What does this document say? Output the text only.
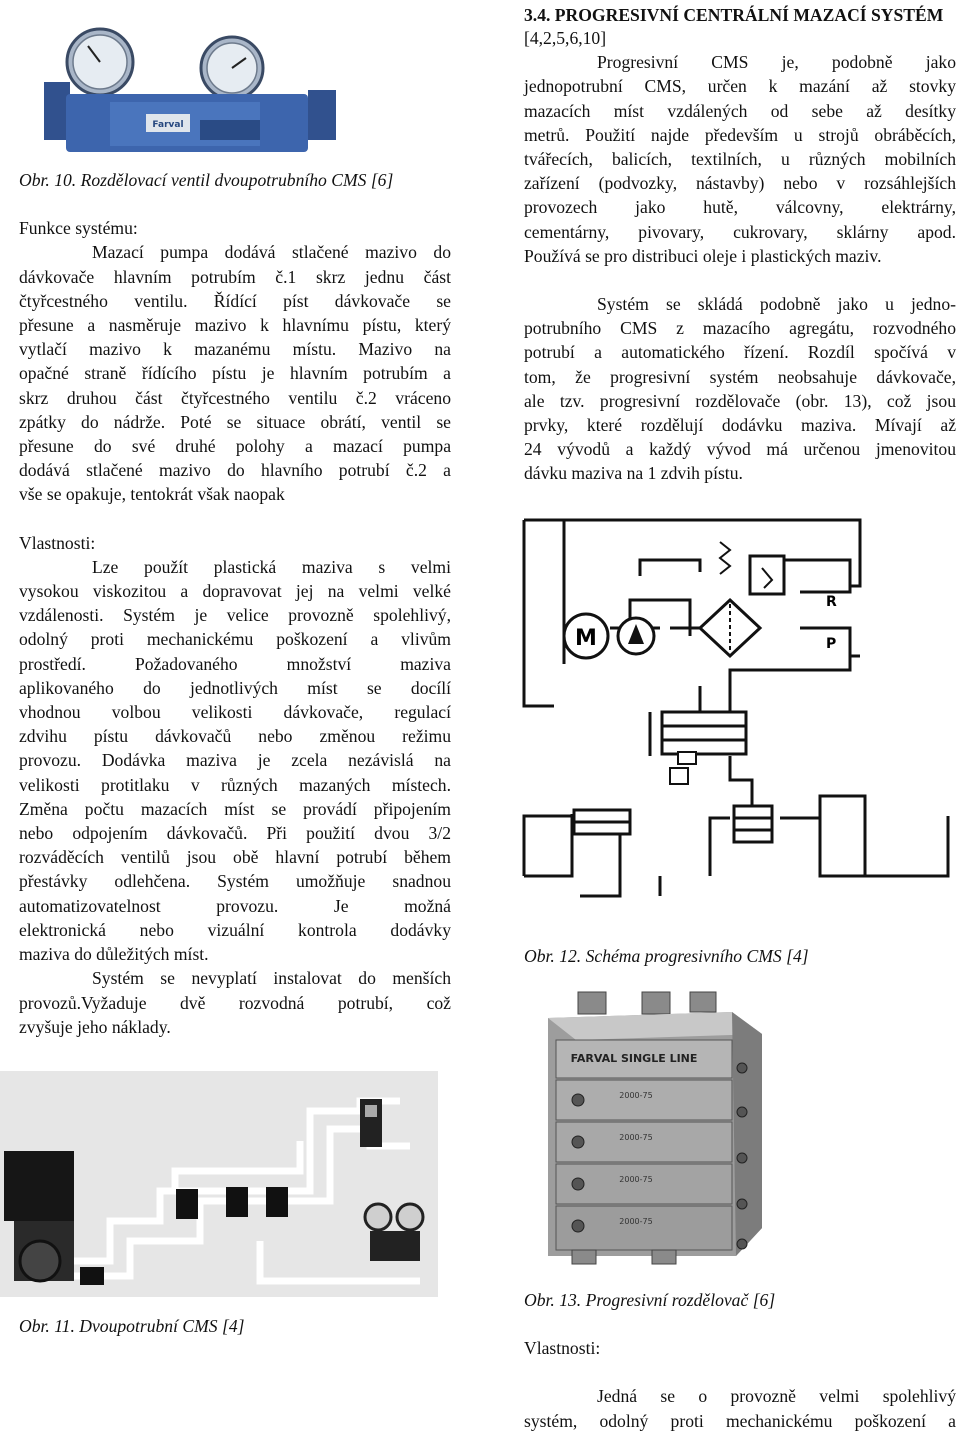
Farval

Obr. 10. Rozdělovací ventil dvoupotrubního CMS [6]

Funkce systému:

Mazací pumpa dodává stlačené mazivo do

dávkovače hlavním potrubím č.1 skrz jednu část

čtyřcestného ventilu. Řídící píst dávkovače se

přesune a nasměruje mazivo k hlavnímu pístu, který

vytlačí mazivo k mazanému místu. Mazivo na

opačné straně řídícího pístu je hlavním potrubím a

skrz druhou část čtyřcestného ventilu č.2 vráceno

zpátky do nádrže. Poté se situace obrátí, ventil se

přesune do své druhé polohy a mazací pumpa

dodává stlačené mazivo do hlavního potrubí č.2 a

vše se opakuje, tentokrát však naopak

Vlastnosti:

Lze použít plastická maziva s velmi

vysokou viskozitou a dopravovat jej na velmi velké

vzdálenosti. Systém je velice provozně spolehlivý,

odolný proti mechanickému poškození a vlivům

prostředí. Požadovaného množství maziva

aplikovaného do jednotlivých míst se docílí

vhodnou volbou velikosti dávkovače, regulací

zdvihu pístu dávkovačů nebo změnou režimu

provozu. Dodávka maziva je zcela nezávislá na

velikosti protitlaku v různých mazaných místech.

Změna počtu mazacích míst se provádí připojením

nebo odpojením dávkovačů. Při použití dvou 3/2

rozváděcích ventilů jsou obě hlavní potrubí během

přestávky odlehčena. Systém umožňuje snadnou

automatizovatelnost provozu. Je možná

elektronická nebo vizuální kontrola dodávky

maziva do důležitých míst.

Systém se nevyplatí instalovat do menších

provozů.Vyžaduje dvě rozvodná potrubí, což

zvyšuje jeho náklady.

Obr. 11. Dvoupotrubní CMS [4]

3.4. PROGRESIVNÍ CENTRÁLNÍ MAZACÍ SYSTÉM

[4,2,5,6,10]

Progresivní CMS je, podobně jako

jednopotrubní CMS, určen k mazání až stovky

mazacích míst vzdálených od sebe až desítky

metrů. Použití najde především u strojů obráběcích,

tvářecích, balicích, textilních, u různých mobilních

zařízení (podvozky, nástavby) nebo v rozsáhlejších

provozech jako hutě, válcovny, elektrárny,

cementárny, pivovary, cukrovary, sklárny apod.

Používá se pro distribuci oleje i plastických maziv.

Systém se skládá podobně jako u jedno-

potrubního CMS z mazacího agregátu, rozvodného

potrubí a automatického řízení. Rozdíl spočívá v

tom, že progresivní systém neobsahuje dávkovače,

ale tzv. progresivní rozdělovače (obr. 13), což jsou

prvky, které rozdělují dodávku maziva. Mívají až

24 vývodů a každý vývod má určenou jmenovitou

dávku maziva na 1 zdvih pístu.

M
R
P

Obr. 12. Schéma progresivního CMS [4]

FARVAL SINGLE LINE
2000-75
2000-75
2000-75
2000-75

Obr. 13. Progresivní rozdělovač [6]

Vlastnosti:

Jedná se o provozně velmi spolehlivý

systém, odolný proti mechanickému poškození a
